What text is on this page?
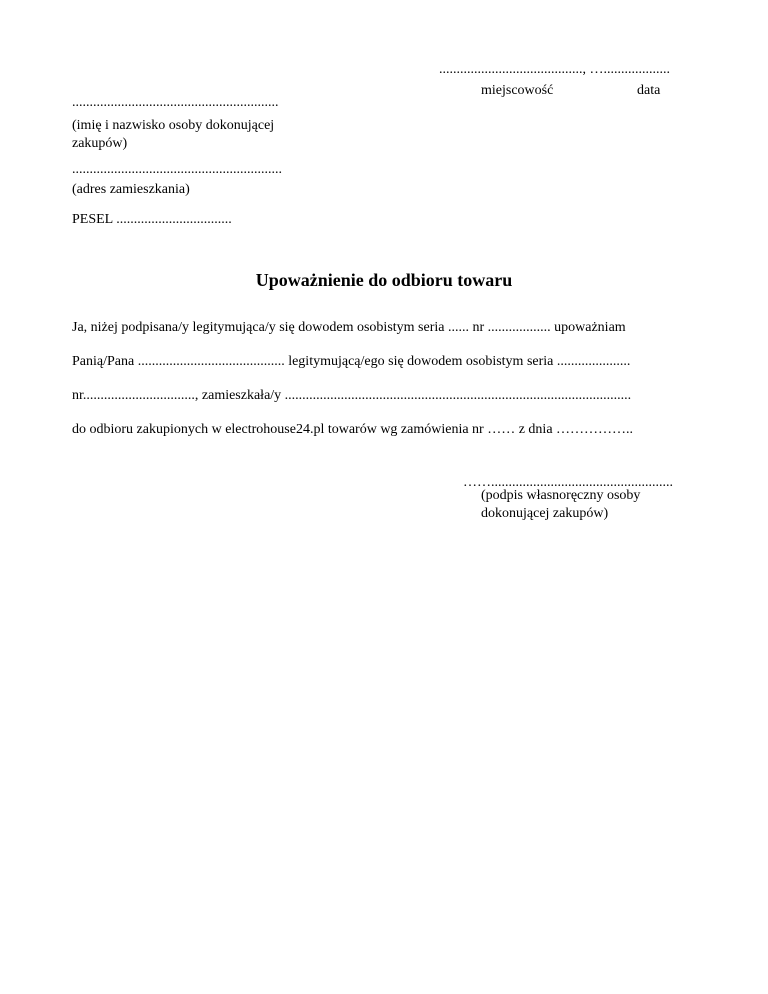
........................................., …...................
miejscowość	data
...........................................................
(imię i nazwisko osoby dokonującej zakupów)
............................................................
(adres zamieszkania)
PESEL .................................
Upoważnienie do odbioru towaru
Ja, niżej podpisana/y legitymująca/y się dowodem osobistym seria ...... nr .................. upoważniam
Panią/Pana .......................................... legitymującą/ego się dowodem osobistym seria .....................
nr................................, zamieszkała/y ...................................................................................................
do odbioru zakupionych w electrohouse24.pl towarów wg zamówienia nr …… z dnia ……………..
……....................................................
(podpis własnoręczny osoby dokonującej zakupów)
